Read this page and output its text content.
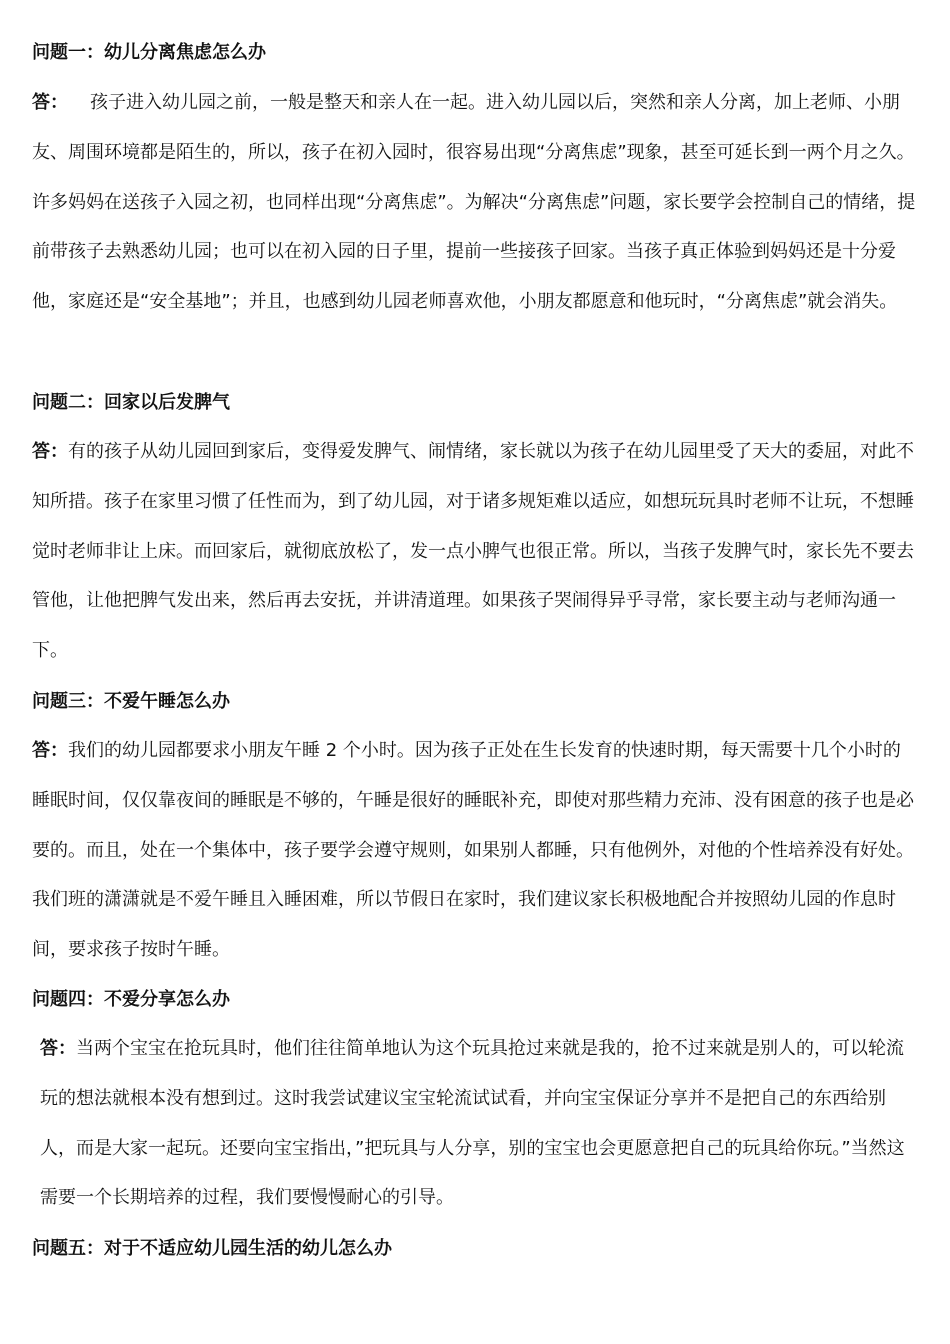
问题一：幼儿分离焦虑怎么办

答： 孩子进入幼儿园之前，一般是整天和亲人在一起。进入幼儿园以后，突然和亲人分离，加上老师、小朋友、周围环境都是陌生的，所以，孩子在初入园时，很容易出现“分离焦虑”现象，甚至可延长到一两个月之久。许多妈妈在送孩子入园之初，也同样出现“分离焦虑”。为解决“分离焦虑”问题，家长要学会控制自己的情绪，提前带孩子去熟悉幼儿园；也可以在初入园的日子里，提前一些接孩子回家。当孩子真正体验到妈妈还是十分爱他，家庭还是“安全基地”；并且，也感到幼儿园老师喜欢他，小朋友都愿意和他玩时，“分离焦虑”就会消失。

问题二：回家以后发脾气

答：有的孩子从幼儿园回到家后，变得爱发脾气、闹情绪，家长就以为孩子在幼儿园里受了天大的委屈，对此不知所措。孩子在家里习惯了任性而为，到了幼儿园，对于诸多规矩难以适应，如想玩玩具时老师不让玩，不想睡觉时老师非让上床。而回家后，就彻底放松了，发一点小脾气也很正常。所以，当孩子发脾气时，家长先不要去管他，让他把脾气发出来，然后再去安抚，并讲清道理。如果孩子哭闹得异乎寻常，家长要主动与老师沟通一下。

问题三：不爱午睡怎么办

答：我们的幼儿园都要求小朋友午睡 2 个小时。因为孩子正处在生长发育的快速时期，每天需要十几个小时的睡眠时间，仅仅靠夜间的睡眠是不够的，午睡是很好的睡眠补充，即使对那些精力充沛、没有困意的孩子也是必要的。而且，处在一个集体中，孩子要学会遵守规则，如果别人都睡，只有他例外，对他的个性培养没有好处。我们班的潇潇就是不爱午睡且入睡困难，所以节假日在家时，我们建议家长积极地配合并按照幼儿园的作息时间，要求孩子按时午睡。

问题四：不爱分享怎么办

答：当两个宝宝在抢玩具时，他们往往简单地认为这个玩具抢过来就是我的，抢不过来就是别人的，可以轮流玩的想法就根本没有想到过。这时我尝试建议宝宝轮流试试看，并向宝宝保证分享并不是把自己的东西给别人，而是大家一起玩。还要向宝宝指出，”把玩具与人分享，别的宝宝也会更愿意把自己的玩具给你玩。”当然这需要一个长期培养的过程，我们要慢慢耐心的引导。

问题五：对于不适应幼儿园生活的幼儿怎么办
